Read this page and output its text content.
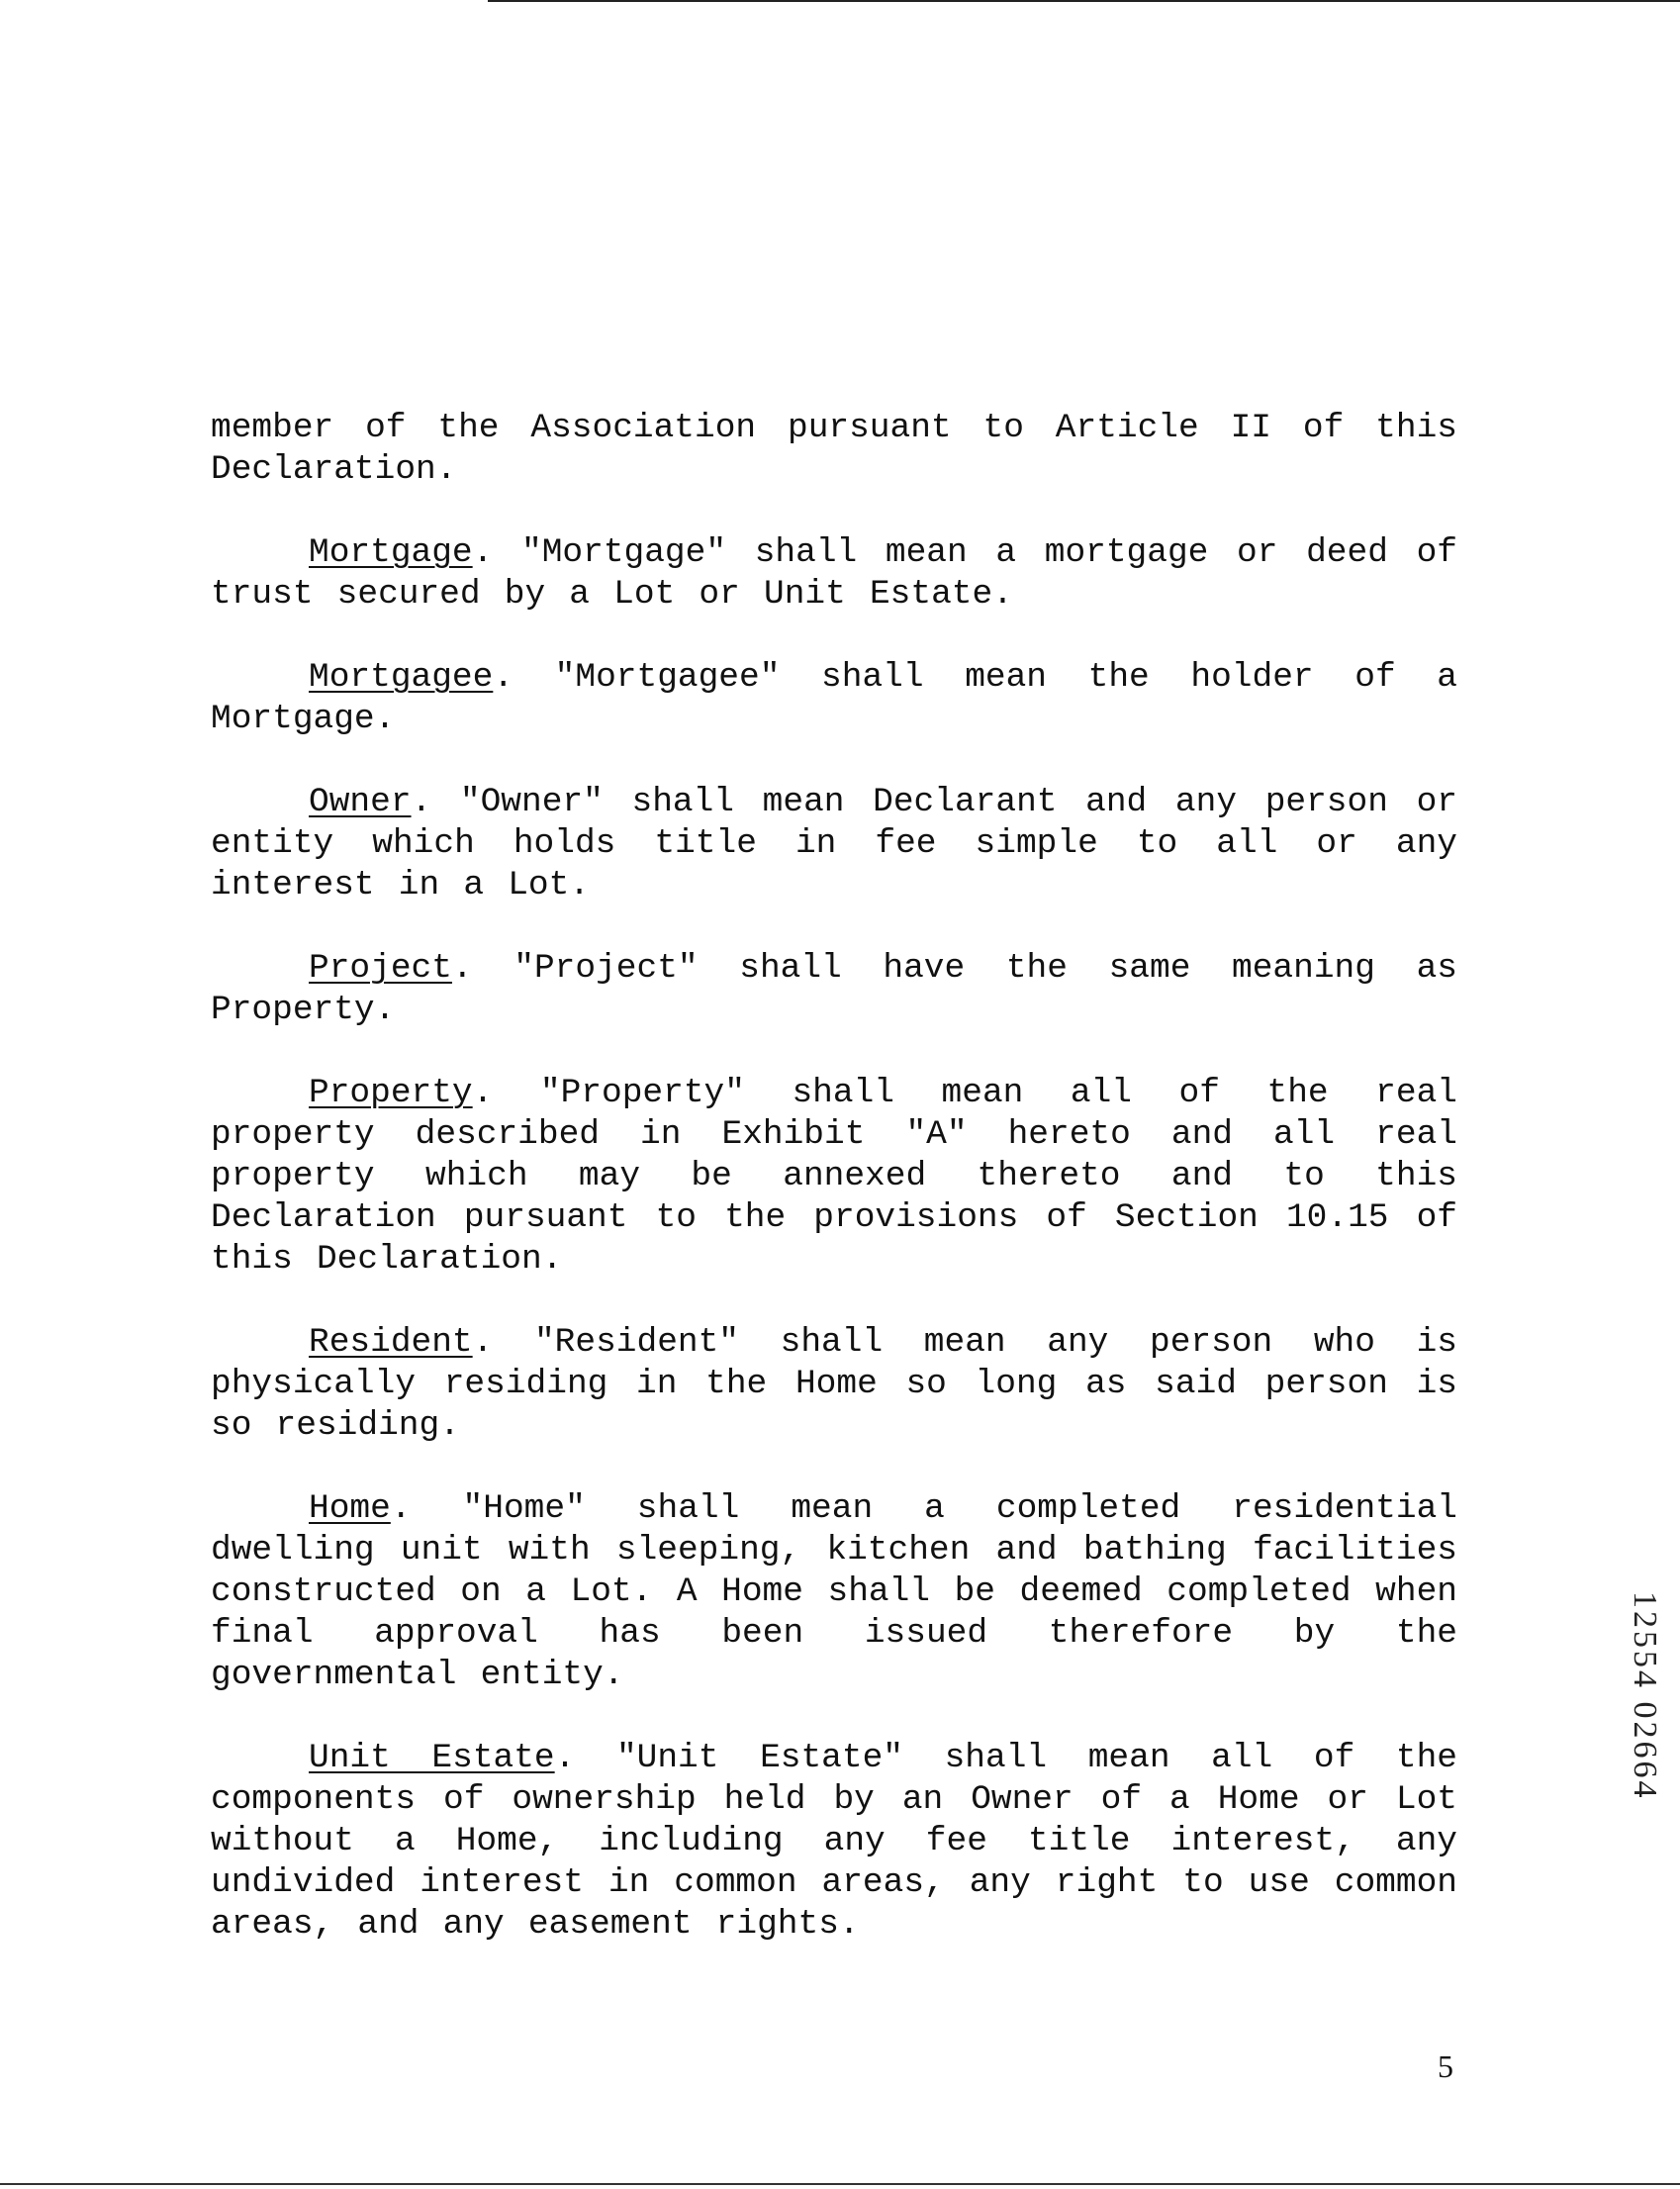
member of the Association pursuant to Article II of this Declaration.

Mortgage. "Mortgage" shall mean a mortgage or deed of trust secured by a Lot or Unit Estate.

Mortgagee. "Mortgagee" shall mean the holder of a Mortgage.

Owner. "Owner" shall mean Declarant and any person or entity which holds title in fee simple to all or any interest in a Lot.

Project. "Project" shall have the same meaning as Property.

Property. "Property" shall mean all of the real property described in Exhibit "A" hereto and all real property which may be annexed thereto and to this Declaration pursuant to the provisions of Section 10.15 of this Declaration.

Resident. "Resident" shall mean any person who is physically residing in the Home so long as said person is so residing.

Home. "Home" shall mean a completed residential dwelling unit with sleeping, kitchen and bathing facilities constructed on a Lot. A Home shall be deemed completed when final approval has been issued therefore by the governmental entity.

Unit Estate. "Unit Estate" shall mean all of the components of ownership held by an Owner of a Home or Lot without a Home, including any fee title interest, any undivided interest in common areas, any right to use common areas, and any easement rights.

12554 02664
5
